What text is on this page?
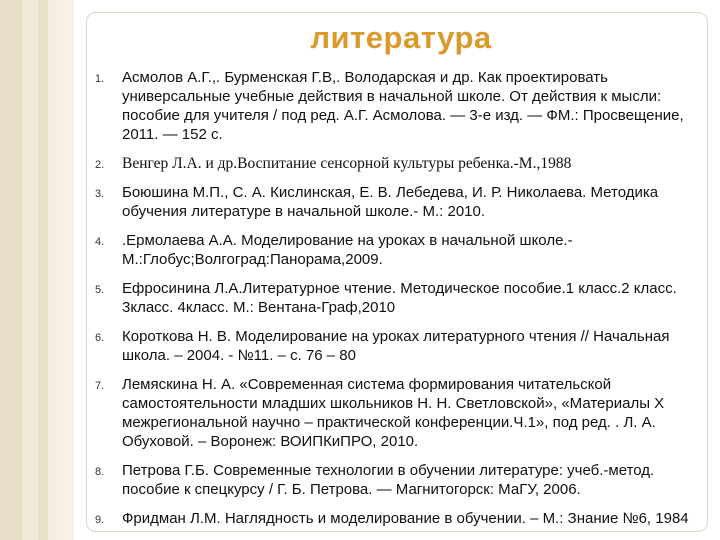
литература
1. Асмолов А.Г.,. Бурменская Г.В,. Володарская и др. Как проектировать универсальные учебные действия в начальной школе. От действия к мысли: пособие для учителя / под ред. А.Г. Асмолова. — 3-е изд. — ФМ.: Просвещение, 2011. — 152 с.
2. Венгер Л.А. и др.Воспитание сенсорной культуры ребенка.-М.,1988
3. Боюшина М.П., С. А. Кислинская, Е. В. Лебедева, И. Р. Николаева. Методика обучения литературе в начальной школе.- М.: 2010.
4. .Ермолаева А.А. Моделирование на уроках в начальной школе.- М.:Глобус;Волгоград:Панорама,2009.
5. Ефросинина Л.А.Литературное чтение. Методическое пособие.1 класс.2 класс. 3класс. 4класс. М.: Вентана-Граф,2010
6. Короткова Н. В. Моделирование на уроках литературного чтения // Начальная школа. – 2004. - №11. – с. 76 – 80
7. Лемяскина Н. А. «Современная система формирования читательской самостоятельности младших школьников Н. Н. Светловской», «Материалы X межрегиональной научно – практической конференции.Ч.1», под ред. . Л. А. Обуховой. – Воронеж: ВОИПКиПРО, 2010.
8. Петрова Г.Б. Современные технологии в обучении литературе: учеб.-метод. пособие к спецкурсу / Г. Б. Петрова. — Магнитогорск: МаГУ, 2006.
9. Фридман Л.М. Наглядность и моделирование в обучении. – М.: Знание №6, 1984
